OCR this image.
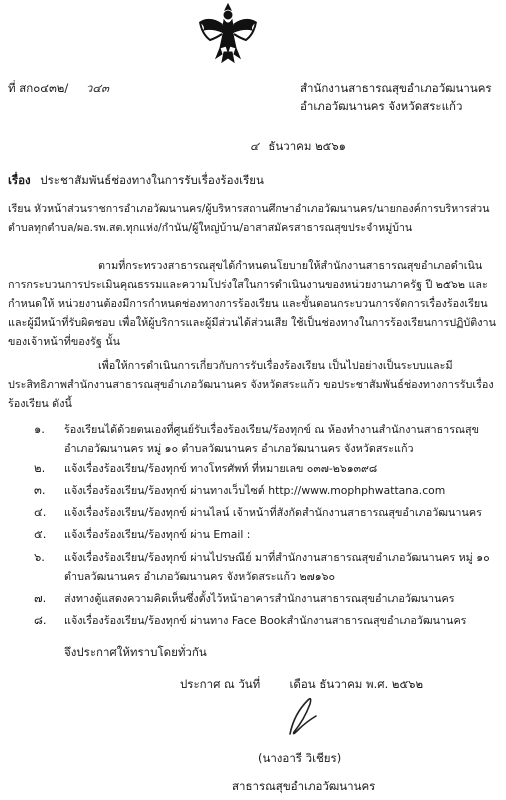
ที่ สก๐๔๓๒/ ว๔๓	สำนักงานสาธารณสุขอำเภอวัฒนานคร
อำเภอวัฒนานคร จังหวัดสระแก้ว
๔ ธันวาคม ๒๕๖๑
เรื่อง ประชาสัมพันธ์ช่องทางในการรับเรื่องร้องเรียน
เรียน หัวหน้าส่วนราชการอำเภอวัฒนานคร/ผู้บริหารสถานศึกษาอำเภอวัฒนานคร/นายกองค์การบริหารส่วนตำบลทุกตำบล/ผอ.รพ.สต.ทุกแห่ง/กำนัน/ผู้ใหญ่บ้าน/อาสาสมัครสาธารณสุขประจำหมู่บ้าน
ตามที่กระทรวงสาธารณสุขได้กำหนดนโยบายให้สำนักงานสาธารณสุขอำเภอดำเนินการกระบวนการประเมินคุณธรรมและความโปร่งใสในการดำเนินงานของหน่วยงานภาครัฐ ปี ๒๕๖๒ และกำหนดให้ หน่วยงานต้องมีการกำหนดช่องทางการร้องเรียน และขั้นตอนกระบวนการจัดการเรื่องร้องเรียนและผู้มีหน้าที่รับผิดชอบ เพื่อให้ผู้บริการและผู้มีส่วนได้ส่วนเสีย ใช้เป็นช่องทางในการร้องเรียนการปฏิบัติงานของเจ้าหน้าที่ของรัฐ นั้น
เพื่อให้การดำเนินการเกี่ยวกับการรับเรื่องร้องเรียน เป็นไปอย่างเป็นระบบและมีประสิทธิภาพสำนักงานสาธารณสุขอำเภอวัฒนานคร จังหวัดสระแก้ว ขอประชาสัมพันธ์ช่องทางการรับเรื่องร้องเรียน ดังนี้
๑. ร้องเรียนได้ด้วยตนเองที่ศูนย์รับเรื่องร้องเรียน/ร้องทุกข์ ณ ห้องทำงานสำนักงานสาธารณสุขอำเภอวัฒนานคร หมู่ ๑๐ ตำบลวัฒนานคร อำเภอวัฒนานคร จังหวัดสระแก้ว
๒. แจ้งเรื่องร้องเรียน/ร้องทุกข์ ทางโทรศัพท์ ที่หมายเลข ๐๓๗-๒๖๑๓๙๘
๓. แจ้งเรื่องร้องเรียน/ร้องทุกข์ ผ่านทางเว็บไซต์ http://www.mophphwattana.com
๔. แจ้งเรื่องร้องเรียน/ร้องทุกข์ ผ่านไลน์ เจ้าหน้าที่สังกัดสำนักงานสาธารณสุขอำเภอวัฒนานคร
๕. แจ้งเรื่องร้องเรียน/ร้องทุกข์ ผ่าน Email :
๖. แจ้งเรื่องร้องเรียน/ร้องทุกข์ ผ่านไปรษณีย์ มาที่สำนักงานสาธารณสุขอำเภอวัฒนานคร หมู่ ๑๐ ตำบลวัฒนานคร อำเภอวัฒนานคร จังหวัดสระแก้ว ๒๗๑๖๐
๗. ส่งทางตู้แสดงความคิดเห็นซึ่งตั้งไว้หน้าอาคารสำนักงานสาธารณสุขอำเภอวัฒนานคร
๘. แจ้งเรื่องร้องเรียน/ร้องทุกข์ ผ่านทาง Face Bookสำนักงานสาธารณสุขอำเภอวัฒนานคร
จึงประกาศให้ทราบโดยทั่วกัน
ประกาศ ณ วันที่        เดือน ธันวาคม พ.ศ. ๒๕๖๒
(นางอารี วิเชียร)
สาธารณสุขอำเภอวัฒนานคร
